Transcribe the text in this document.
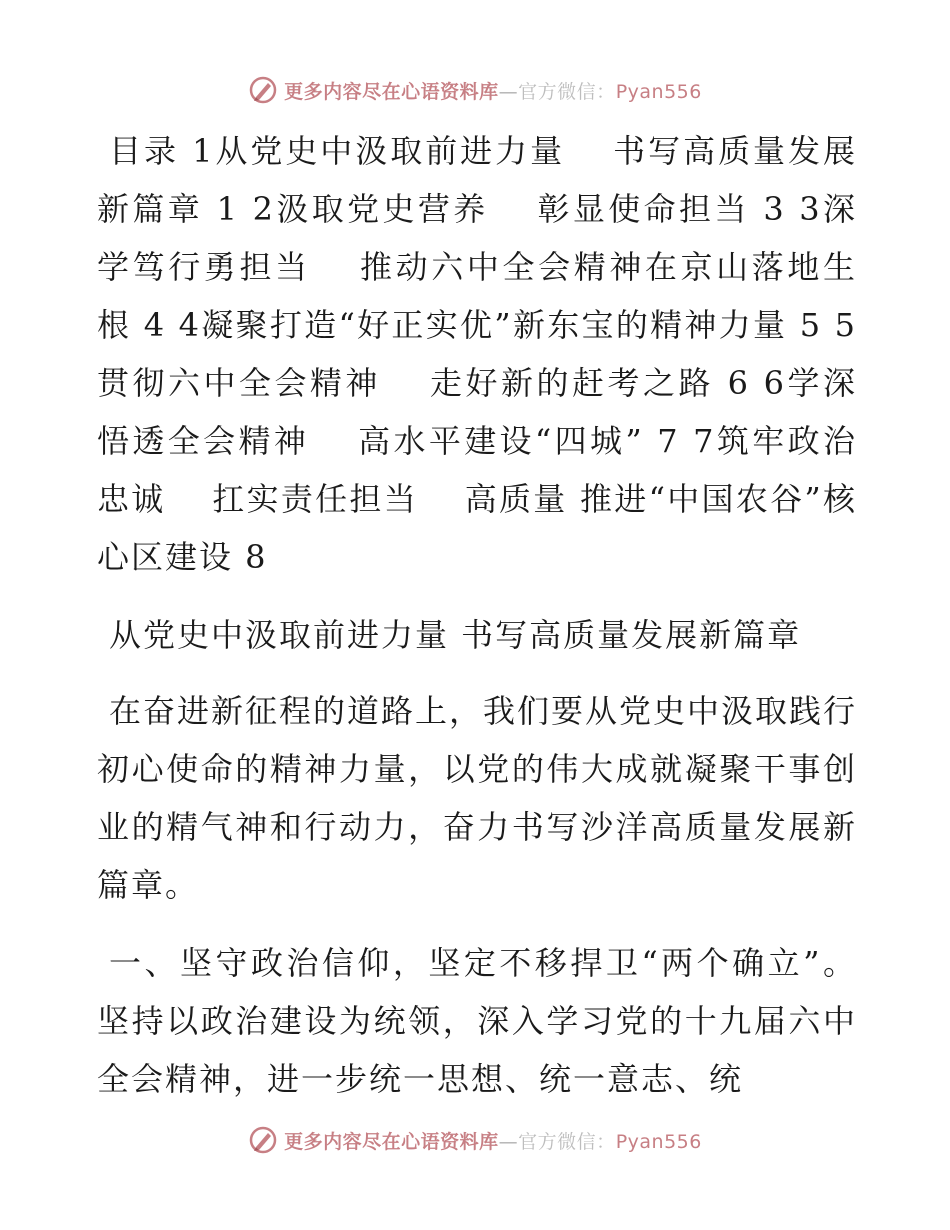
更多内容尽在心语资料库—官方微信：Pyan556

目录 1从党史中汲取前进力量　 书写高质量发展新篇章 1 2汲取党史营养　 彰显使命担当 3 3深学笃行勇担当　 推动六中全会精神在京山落地生根 4 4凝聚打造“好正实优”新东宝的精神力量 5 5贯彻六中全会精神　 走好新的赶考之路 6 6学深悟透全会精神　 高水平建设“四城” 7 7筑牢政治忠诚　 扛实责任担当　 高质量 推进“中国农谷”核心区建设 8

从党史中汲取前进力量 书写高质量发展新篇章

在奋进新征程的道路上，我们要从党史中汲取践行初心使命的精神力量，以党的伟大成就凝聚干事创业的精气神和行动力，奋力书写沙洋高质量发展新篇章。

一、坚守政治信仰，坚定不移捍卫“两个确立”。坚持以政治建设为统领，深入学习党的十九届六中全会精神，进一步统一思想、统一意志、统

更多内容尽在心语资料库—官方微信：Pyan556
